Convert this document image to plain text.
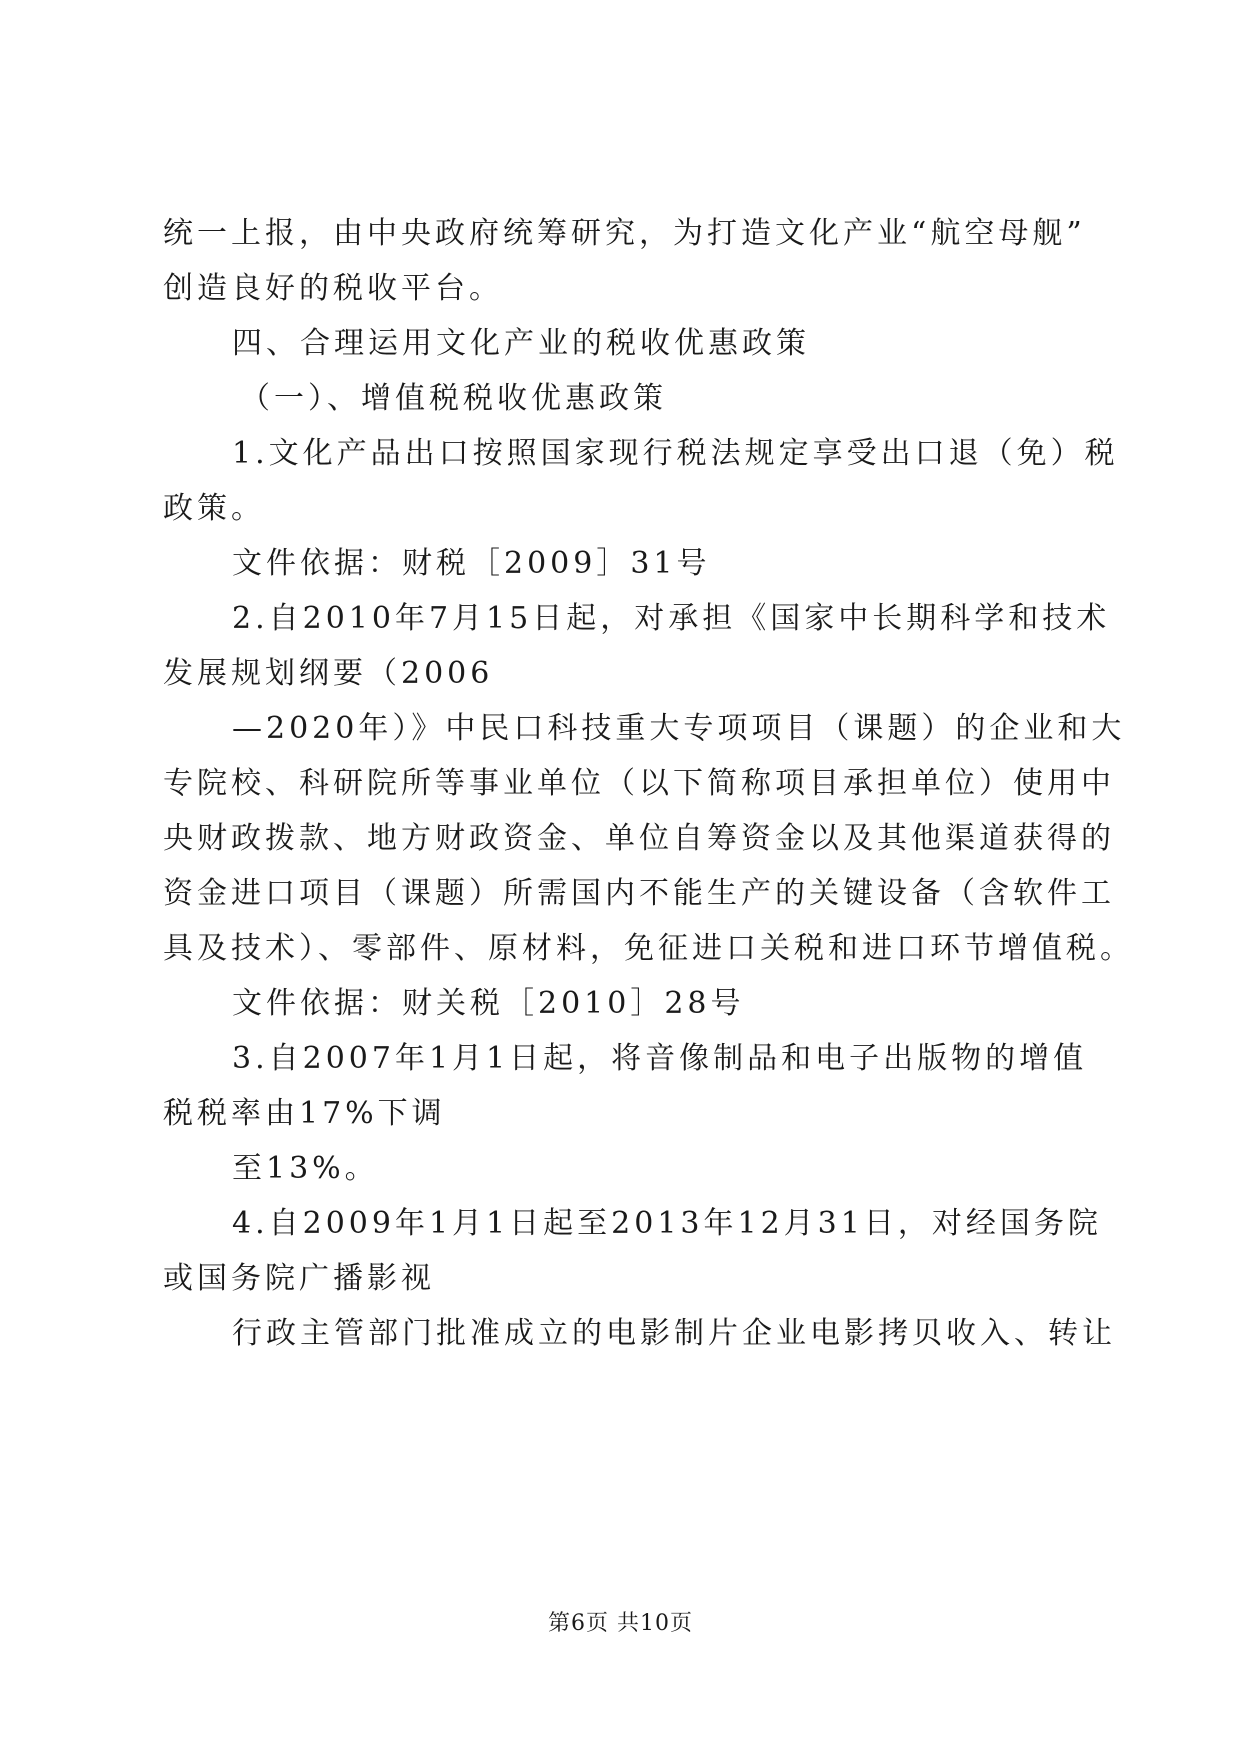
统一上报，由中央政府统筹研究，为打造文化产业“航空母舰”
创造良好的税收平台。
四、合理运用文化产业的税收优惠政策
（一）、增值税税收优惠政策
1.文化产品出口按照国家现行税法规定享受出口退（免）税
政策。
文件依据：财税［2009］31号
2.自2010年7月15日起，对承担《国家中长期科学和技术
发展规划纲要（2006
—2020年）》中民口科技重大专项项目（课题）的企业和大
专院校、科研院所等事业单位（以下简称项目承担单位）使用中
央财政拨款、地方财政资金、单位自筹资金以及其他渠道获得的
资金进口项目（课题）所需国内不能生产的关键设备（含软件工
具及技术）、零部件、原材料，免征进口关税和进口环节增值税。
文件依据：财关税［2010］28号
3.自2007年1月1日起，将音像制品和电子出版物的增值
税税率由17%下调
至13%。
4.自2009年1月1日起至2013年12月31日，对经国务院
或国务院广播影视
行政主管部门批准成立的电影制片企业电影拷贝收入、转让
第6页 共10页
